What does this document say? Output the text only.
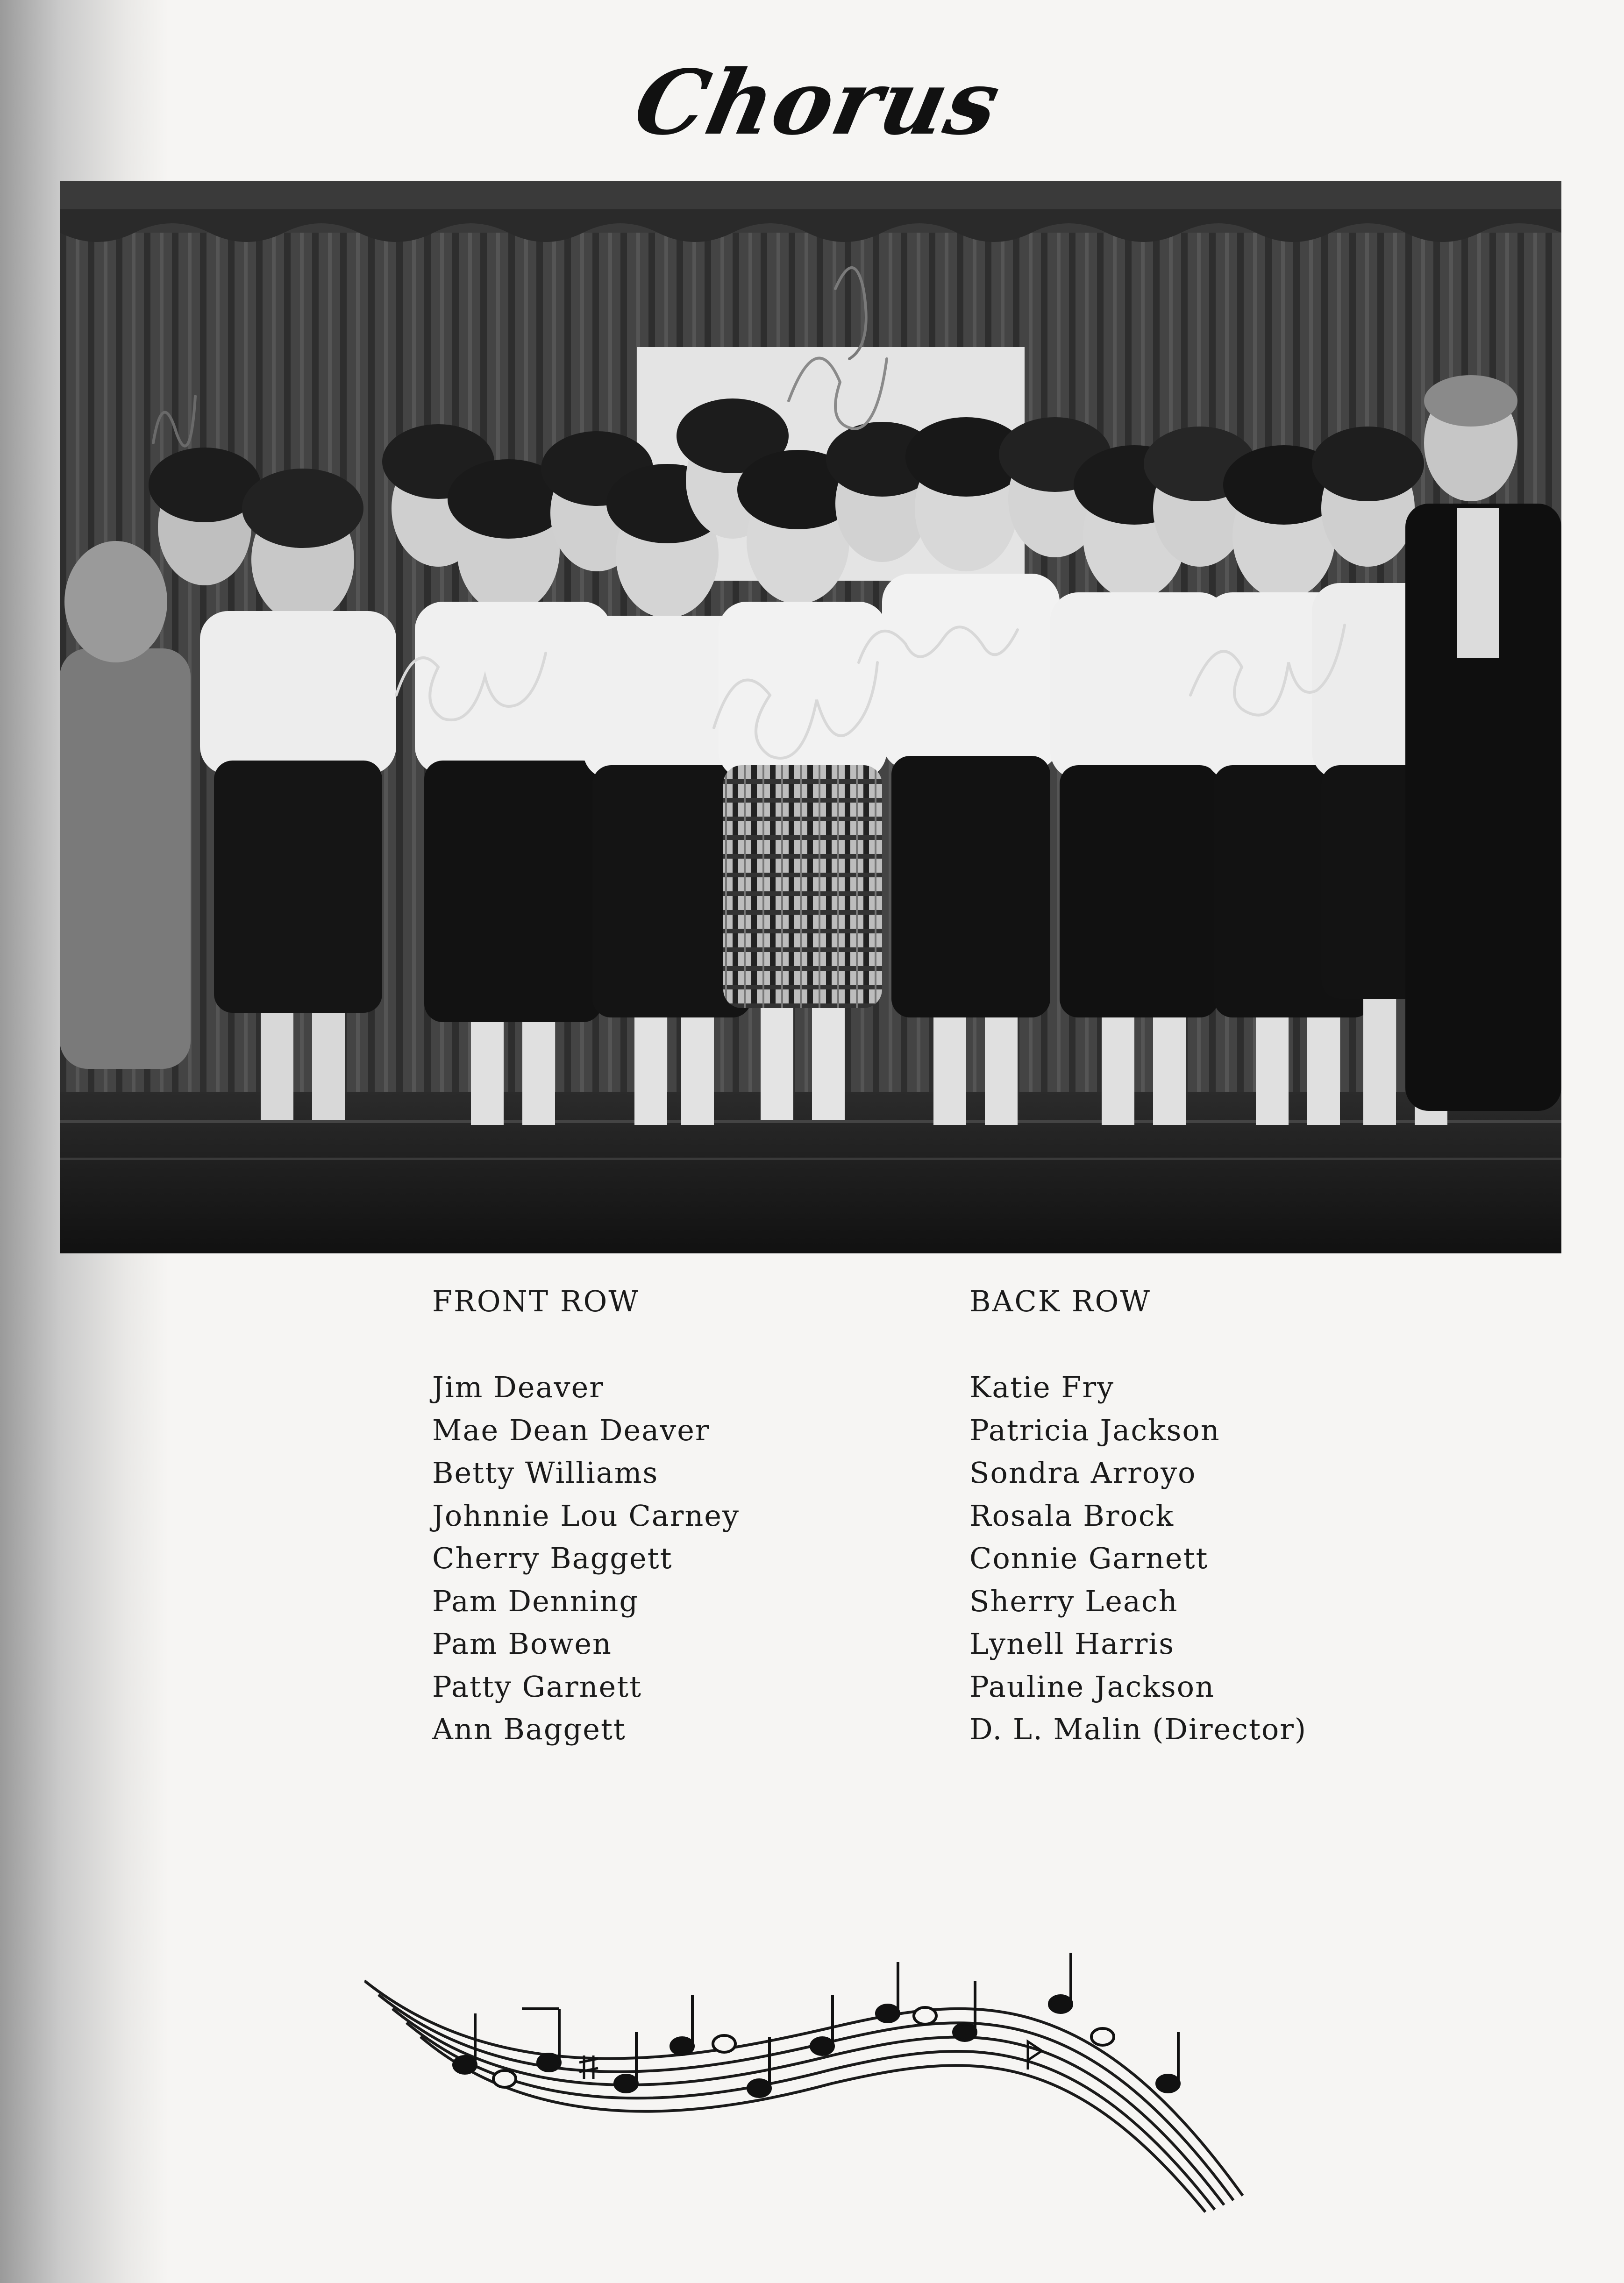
Chorus
FRONT ROW
Jim Deaver
Mae Dean Deaver
Betty Williams
Johnnie Lou Carney
Cherry Baggett
Pam Denning
Pam Bowen
Patty Garnett
Ann Baggett
BACK ROW
Katie Fry
Patricia Jackson
Sondra Arroyo
Rosala Brock
Connie Garnett
Sherry Leach
Lynell Harris
Pauline Jackson
D. L. Malin (Director)
